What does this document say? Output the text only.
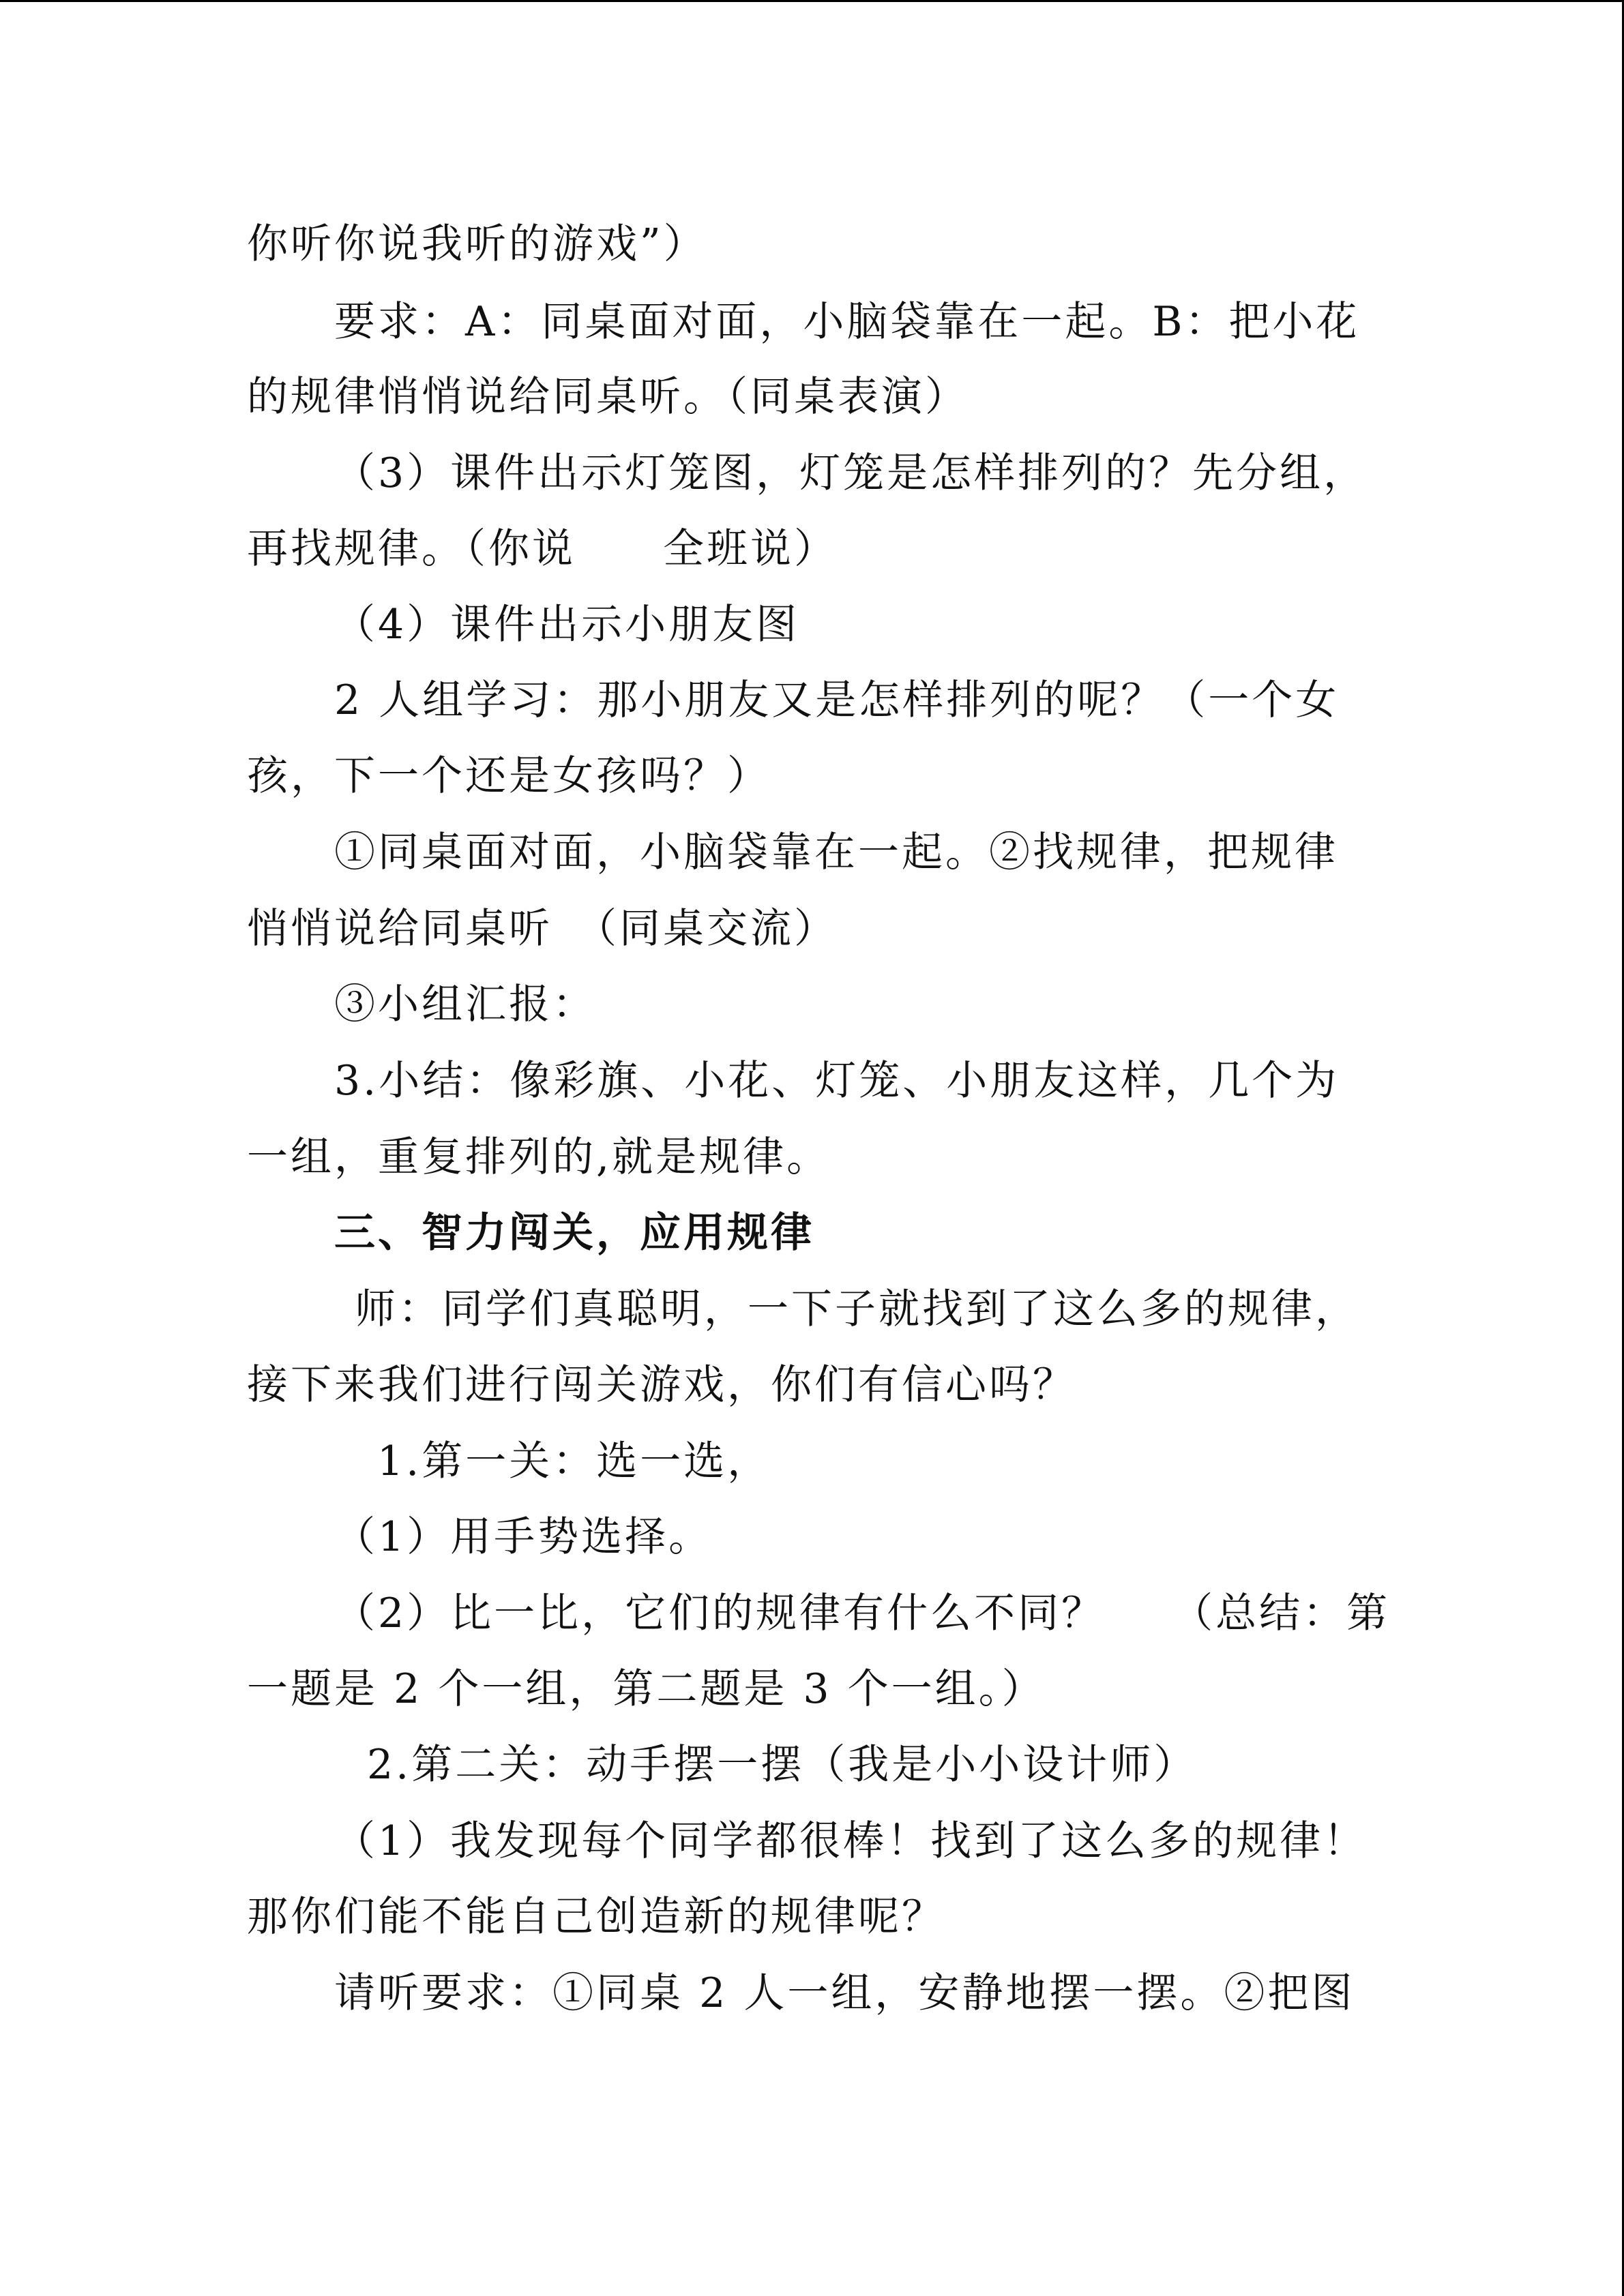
你听你说我听的游戏”）

要求：A：同桌面对面，小脑袋靠在一起。B：把小花

的规律悄悄说给同桌听。（同桌表演）

（3）课件出示灯笼图，灯笼是怎样排列的？先分组，

再找规律。（你说　　全班说）

（4）课件出示小朋友图

2 人组学习：那小朋友又是怎样排列的呢？（一个女

孩，下一个还是女孩吗？）

①同桌面对面，小脑袋靠在一起。②找规律，把规律

悄悄说给同桌听　（同桌交流）

③小组汇报：

3.小结：像彩旗、小花、灯笼、小朋友这样，几个为

一组，重复排列的,就是规律。

三、智力闯关，应用规律

师：同学们真聪明，一下子就找到了这么多的规律，

接下来我们进行闯关游戏，你们有信心吗？

1.第一关：选一选，

（1）用手势选择。

（2）比一比，它们的规律有什么不同？　　（总结：第

一题是 2 个一组，第二题是 3 个一组。）

2.第二关：动手摆一摆（我是小小设计师）

（1）我发现每个同学都很棒！找到了这么多的规律！

那你们能不能自己创造新的规律呢？

请听要求：①同桌 2 人一组，安静地摆一摆。②把图
